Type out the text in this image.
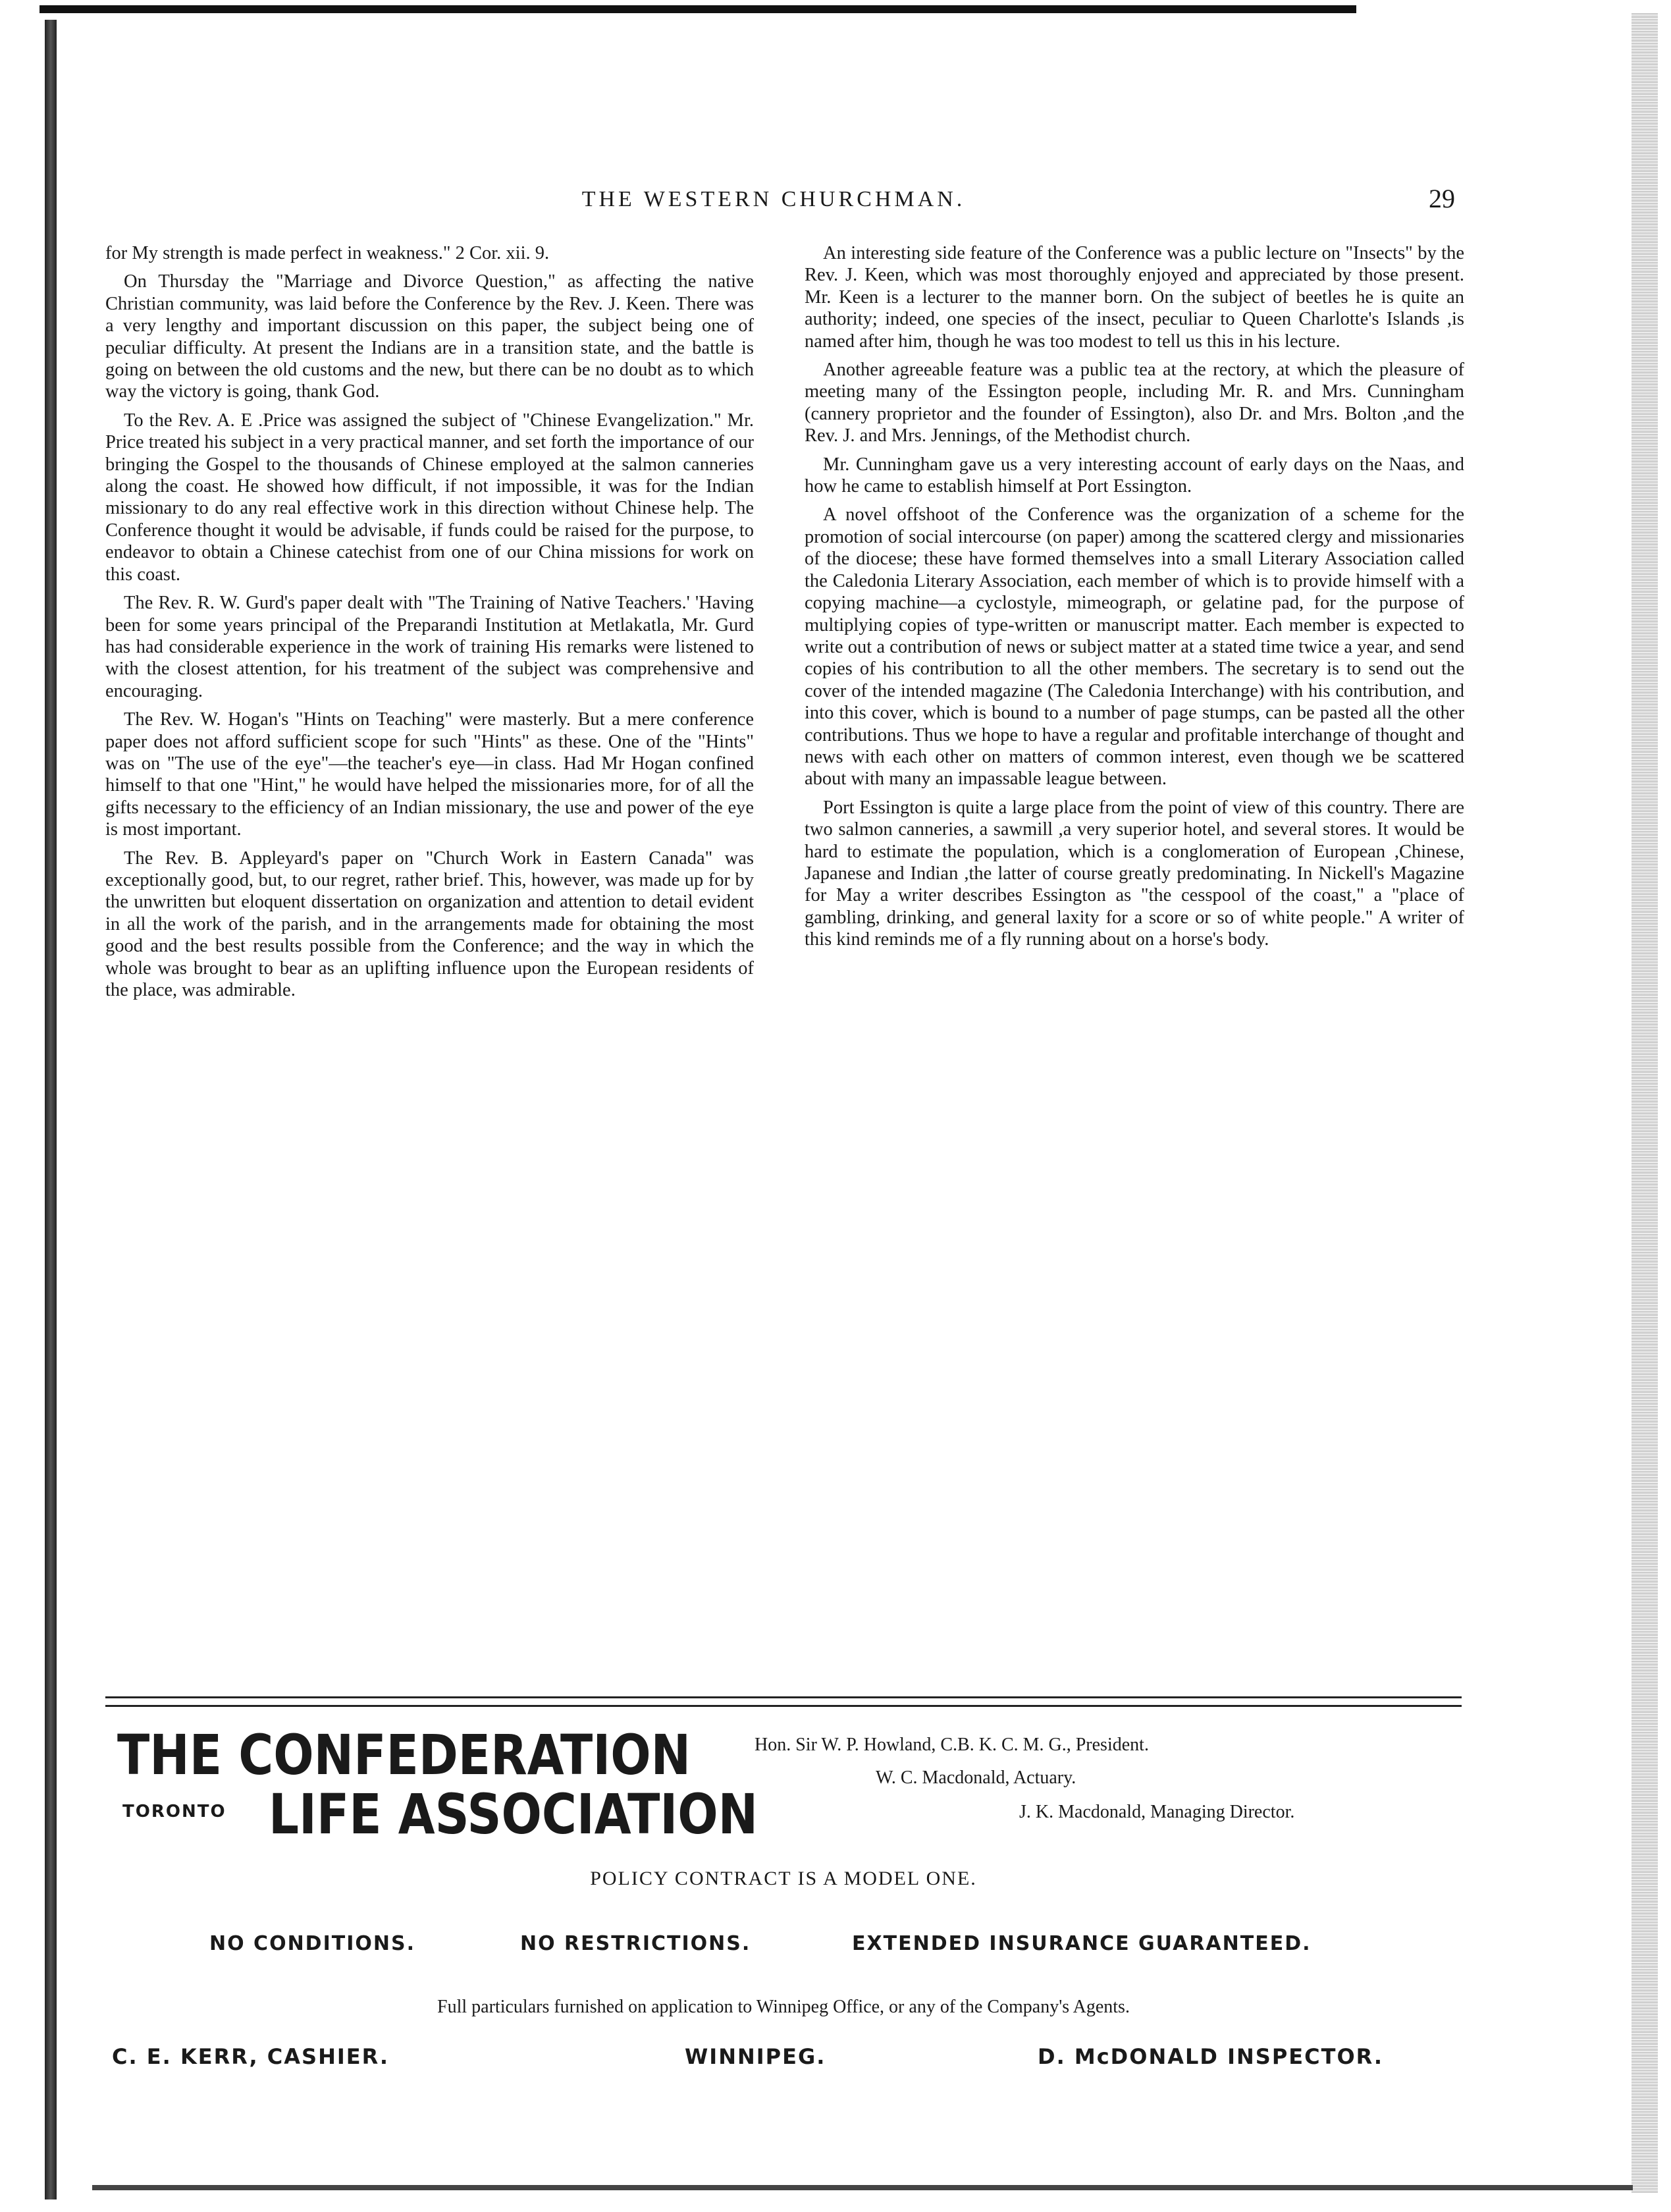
THE WESTERN CHURCHMAN.	29

for My strength is made perfect in weakness." 2 Cor. xii. 9.

On Thursday the "Marriage and Divorce Question," as affecting the native Christian community, was laid before the Conference by the Rev. J. Keen. There was a very lengthy and important discussion on this paper, the subject being one of peculiar difficulty. At present the Indians are in a transition state, and the battle is going on between the old customs and the new, but there can be no doubt as to which way the victory is going, thank God.

To the Rev. A. E .Price was assigned the subject of "Chinese Evangelization." Mr. Price treated his subject in a very practical manner, and set forth the importance of our bringing the Gospel to the thousands of Chinese employed at the salmon canneries along the coast. He showed how difficult, if not impossible, it was for the Indian missionary to do any real effective work in this direction without Chinese help. The Conference thought it would be advisable, if funds could be raised for the purpose, to endeavor to obtain a Chinese catechist from one of our China missions for work on this coast.

The Rev. R. W. Gurd's paper dealt with "The Training of Native Teachers.' 'Having been for some years principal of the Preparandi Institution at Metlakatla, Mr. Gurd has had considerable experience in the work of training His remarks were listened to with the closest attention, for his treatment of the subject was comprehensive and encouraging.

The Rev. W. Hogan's "Hints on Teaching" were masterly. But a mere conference paper does not afford sufficient scope for such "Hints" as these. One of the "Hints" was on "The use of the eye"—the teacher's eye—in class. Had Mr Hogan confined himself to that one "Hint," he would have helped the missionaries more, for of all the gifts necessary to the efficiency of an Indian missionary, the use and power of the eye is most important.

The Rev. B. Appleyard's paper on "Church Work in Eastern Canada" was exceptionally good, but, to our regret, rather brief. This, however, was made up for by the unwritten but eloquent dissertation on organization and attention to detail evident in all the work of the parish, and in the arrangements made for obtaining the most good and the best results possible from the Conference; and the way in which the whole was brought to bear as an uplifting influence upon the European residents of the place, was admirable.

An interesting side feature of the Conference was a public lecture on "Insects" by the Rev. J. Keen, which was most thoroughly enjoyed and appreciated by those present. Mr. Keen is a lecturer to the manner born. On the subject of beetles he is quite an authority; indeed, one species of the insect, peculiar to Queen Charlotte's Islands ,is named after him, though he was too modest to tell us this in his lecture.

Another agreeable feature was a public tea at the rectory, at which the pleasure of meeting many of the Essington people, including Mr. R. and Mrs. Cunningham (cannery proprietor and the founder of Essington), also Dr. and Mrs. Bolton ,and the Rev. J. and Mrs. Jennings, of the Methodist church.

Mr. Cunningham gave us a very interesting account of early days on the Naas, and how he came to establish himself at Port Essington.

A novel offshoot of the Conference was the organization of a scheme for the promotion of social intercourse (on paper) among the scattered clergy and missionaries of the diocese; these have formed themselves into a small Literary Association called the Caledonia Literary Association, each member of which is to provide himself with a copying machine—a cyclostyle, mimeograph, or gelatine pad, for the purpose of multiplying copies of type-written or manuscript matter. Each member is expected to write out a contribution of news or subject matter at a stated time twice a year, and send copies of his contribution to all the other members. The secretary is to send out the cover of the intended magazine (The Caledonia Interchange) with his contribution, and into this cover, which is bound to a number of page stumps, can be pasted all the other contributions. Thus we hope to have a regular and profitable interchange of thought and news with each other on matters of common interest, even though we be scattered about with many an impassable league between.

Port Essington is quite a large place from the point of view of this country. There are two salmon canneries, a sawmill ,a very superior hotel, and several stores. It would be hard to estimate the population, which is a conglomeration of European ,Chinese, Japanese and Indian ,the latter of course greatly predominating. In Nickell's Magazine for May a writer describes Essington as "the cesspool of the coast," a "place of gambling, drinking, and general laxity for a score or so of white people." A writer of this kind reminds me of a fly running about on a horse's body.

THE CONFEDERATION
TORONTO LIFE ASSOCIATION
Hon. Sir W. P. Howland, C.B. K. C. M. G., President.
W. C. Macdonald, Actuary.
J. K. Macdonald, Managing Director.
POLICY CONTRACT IS A MODEL ONE.
NO CONDITIONS.	NO RESTRICTIONS.	EXTENDED INSURANCE GUARANTEED.
Full particulars furnished on application to Winnipeg Office, or any of the Company's Agents.
C. E. KERR, CASHIER.	WINNIPEG.	D. McDONALD INSPECTOR.
